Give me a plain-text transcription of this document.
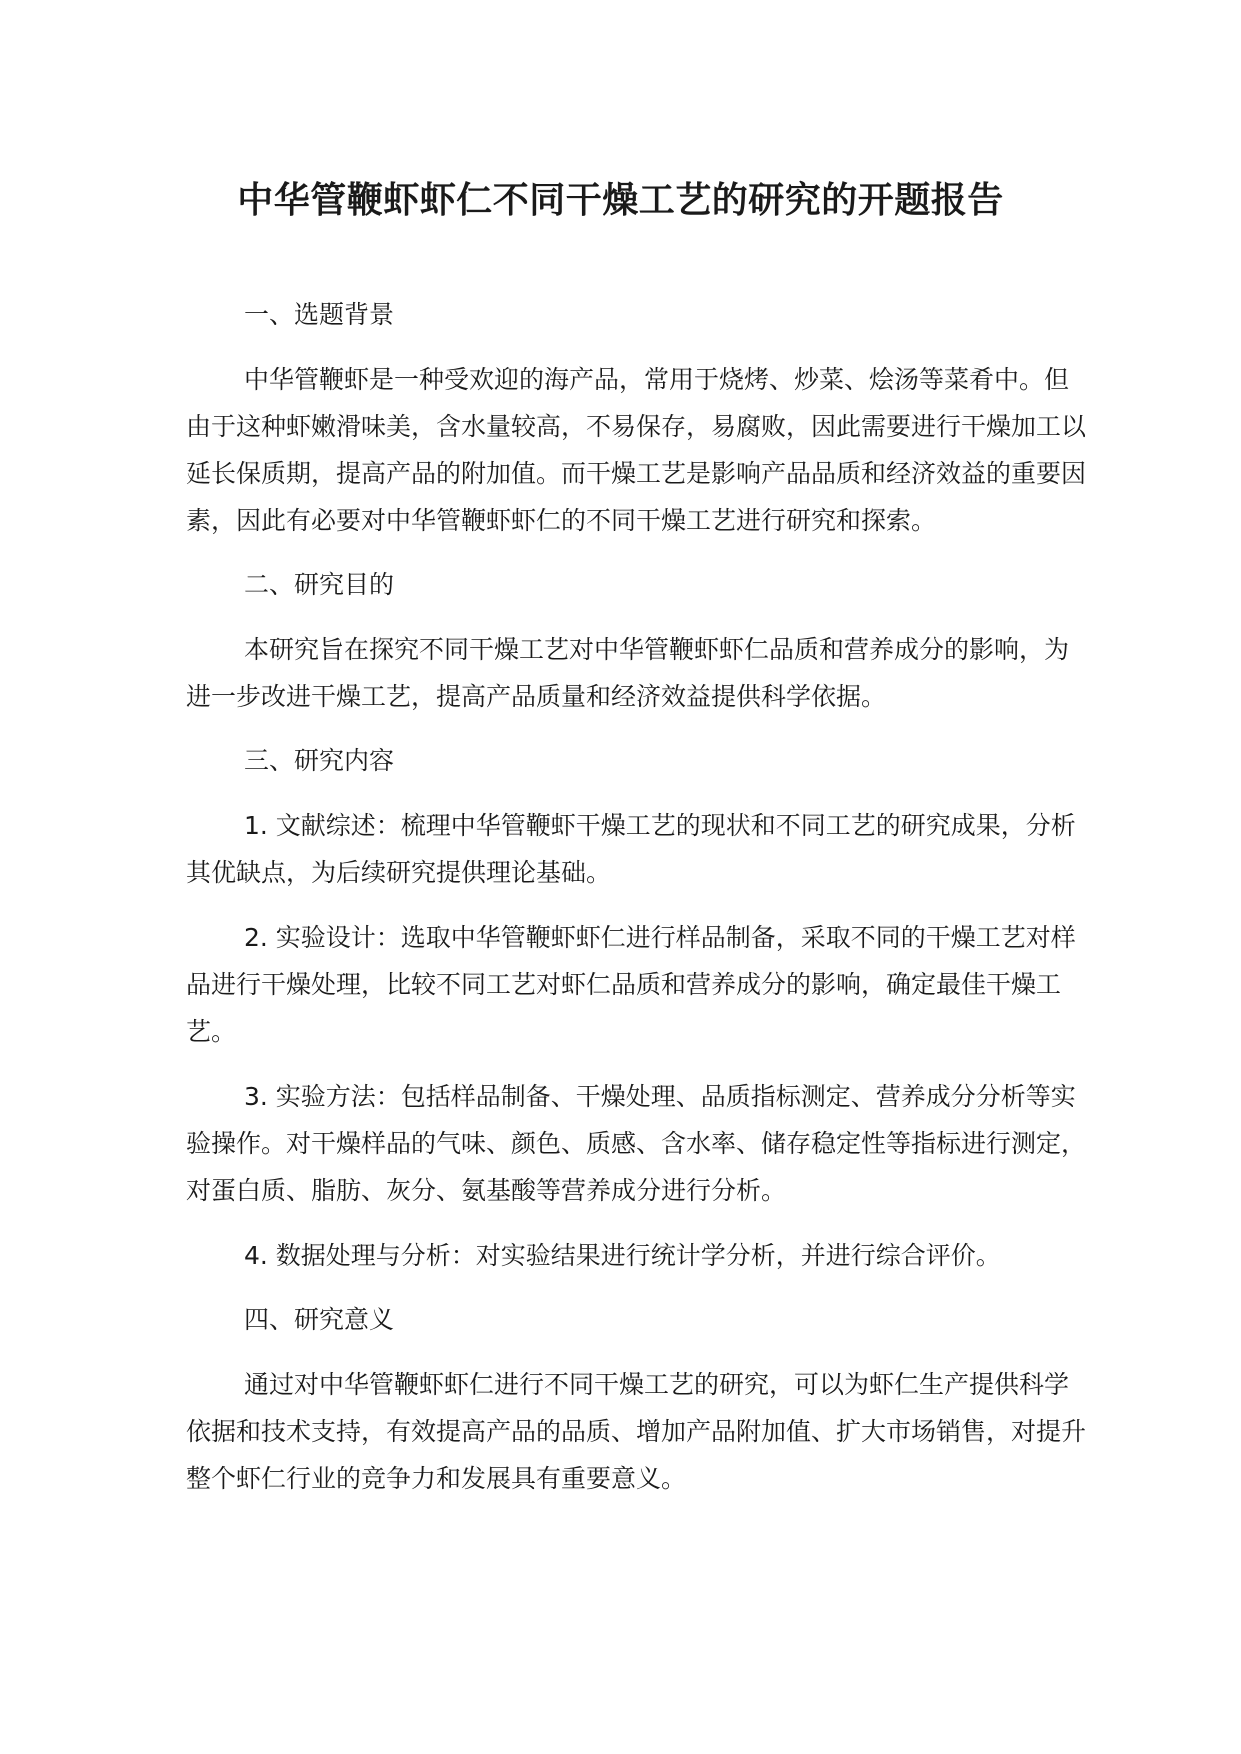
中华管鞭虾虾仁不同干燥工艺的研究的开题报告
一、选题背景

中华管鞭虾是一种受欢迎的海产品，常用于烧烤、炒菜、烩汤等菜肴中。但由于这种虾嫩滑味美，含水量较高，不易保存，易腐败，因此需要进行干燥加工以延长保质期，提高产品的附加值。而干燥工艺是影响产品品质和经济效益的重要因素，因此有必要对中华管鞭虾虾仁的不同干燥工艺进行研究和探索。

二、研究目的

本研究旨在探究不同干燥工艺对中华管鞭虾虾仁品质和营养成分的影响，为进一步改进干燥工艺，提高产品质量和经济效益提供科学依据。

三、研究内容

1. 文献综述：梳理中华管鞭虾干燥工艺的现状和不同工艺的研究成果，分析其优缺点，为后续研究提供理论基础。

2. 实验设计：选取中华管鞭虾虾仁进行样品制备，采取不同的干燥工艺对样品进行干燥处理，比较不同工艺对虾仁品质和营养成分的影响，确定最佳干燥工艺。

3. 实验方法：包括样品制备、干燥处理、品质指标测定、营养成分分析等实验操作。对干燥样品的气味、颜色、质感、含水率、储存稳定性等指标进行测定，对蛋白质、脂肪、灰分、氨基酸等营养成分进行分析。

4. 数据处理与分析：对实验结果进行统计学分析，并进行综合评价。

四、研究意义

通过对中华管鞭虾虾仁进行不同干燥工艺的研究，可以为虾仁生产提供科学依据和技术支持，有效提高产品的品质、增加产品附加值、扩大市场销售，对提升整个虾仁行业的竞争力和发展具有重要意义。
